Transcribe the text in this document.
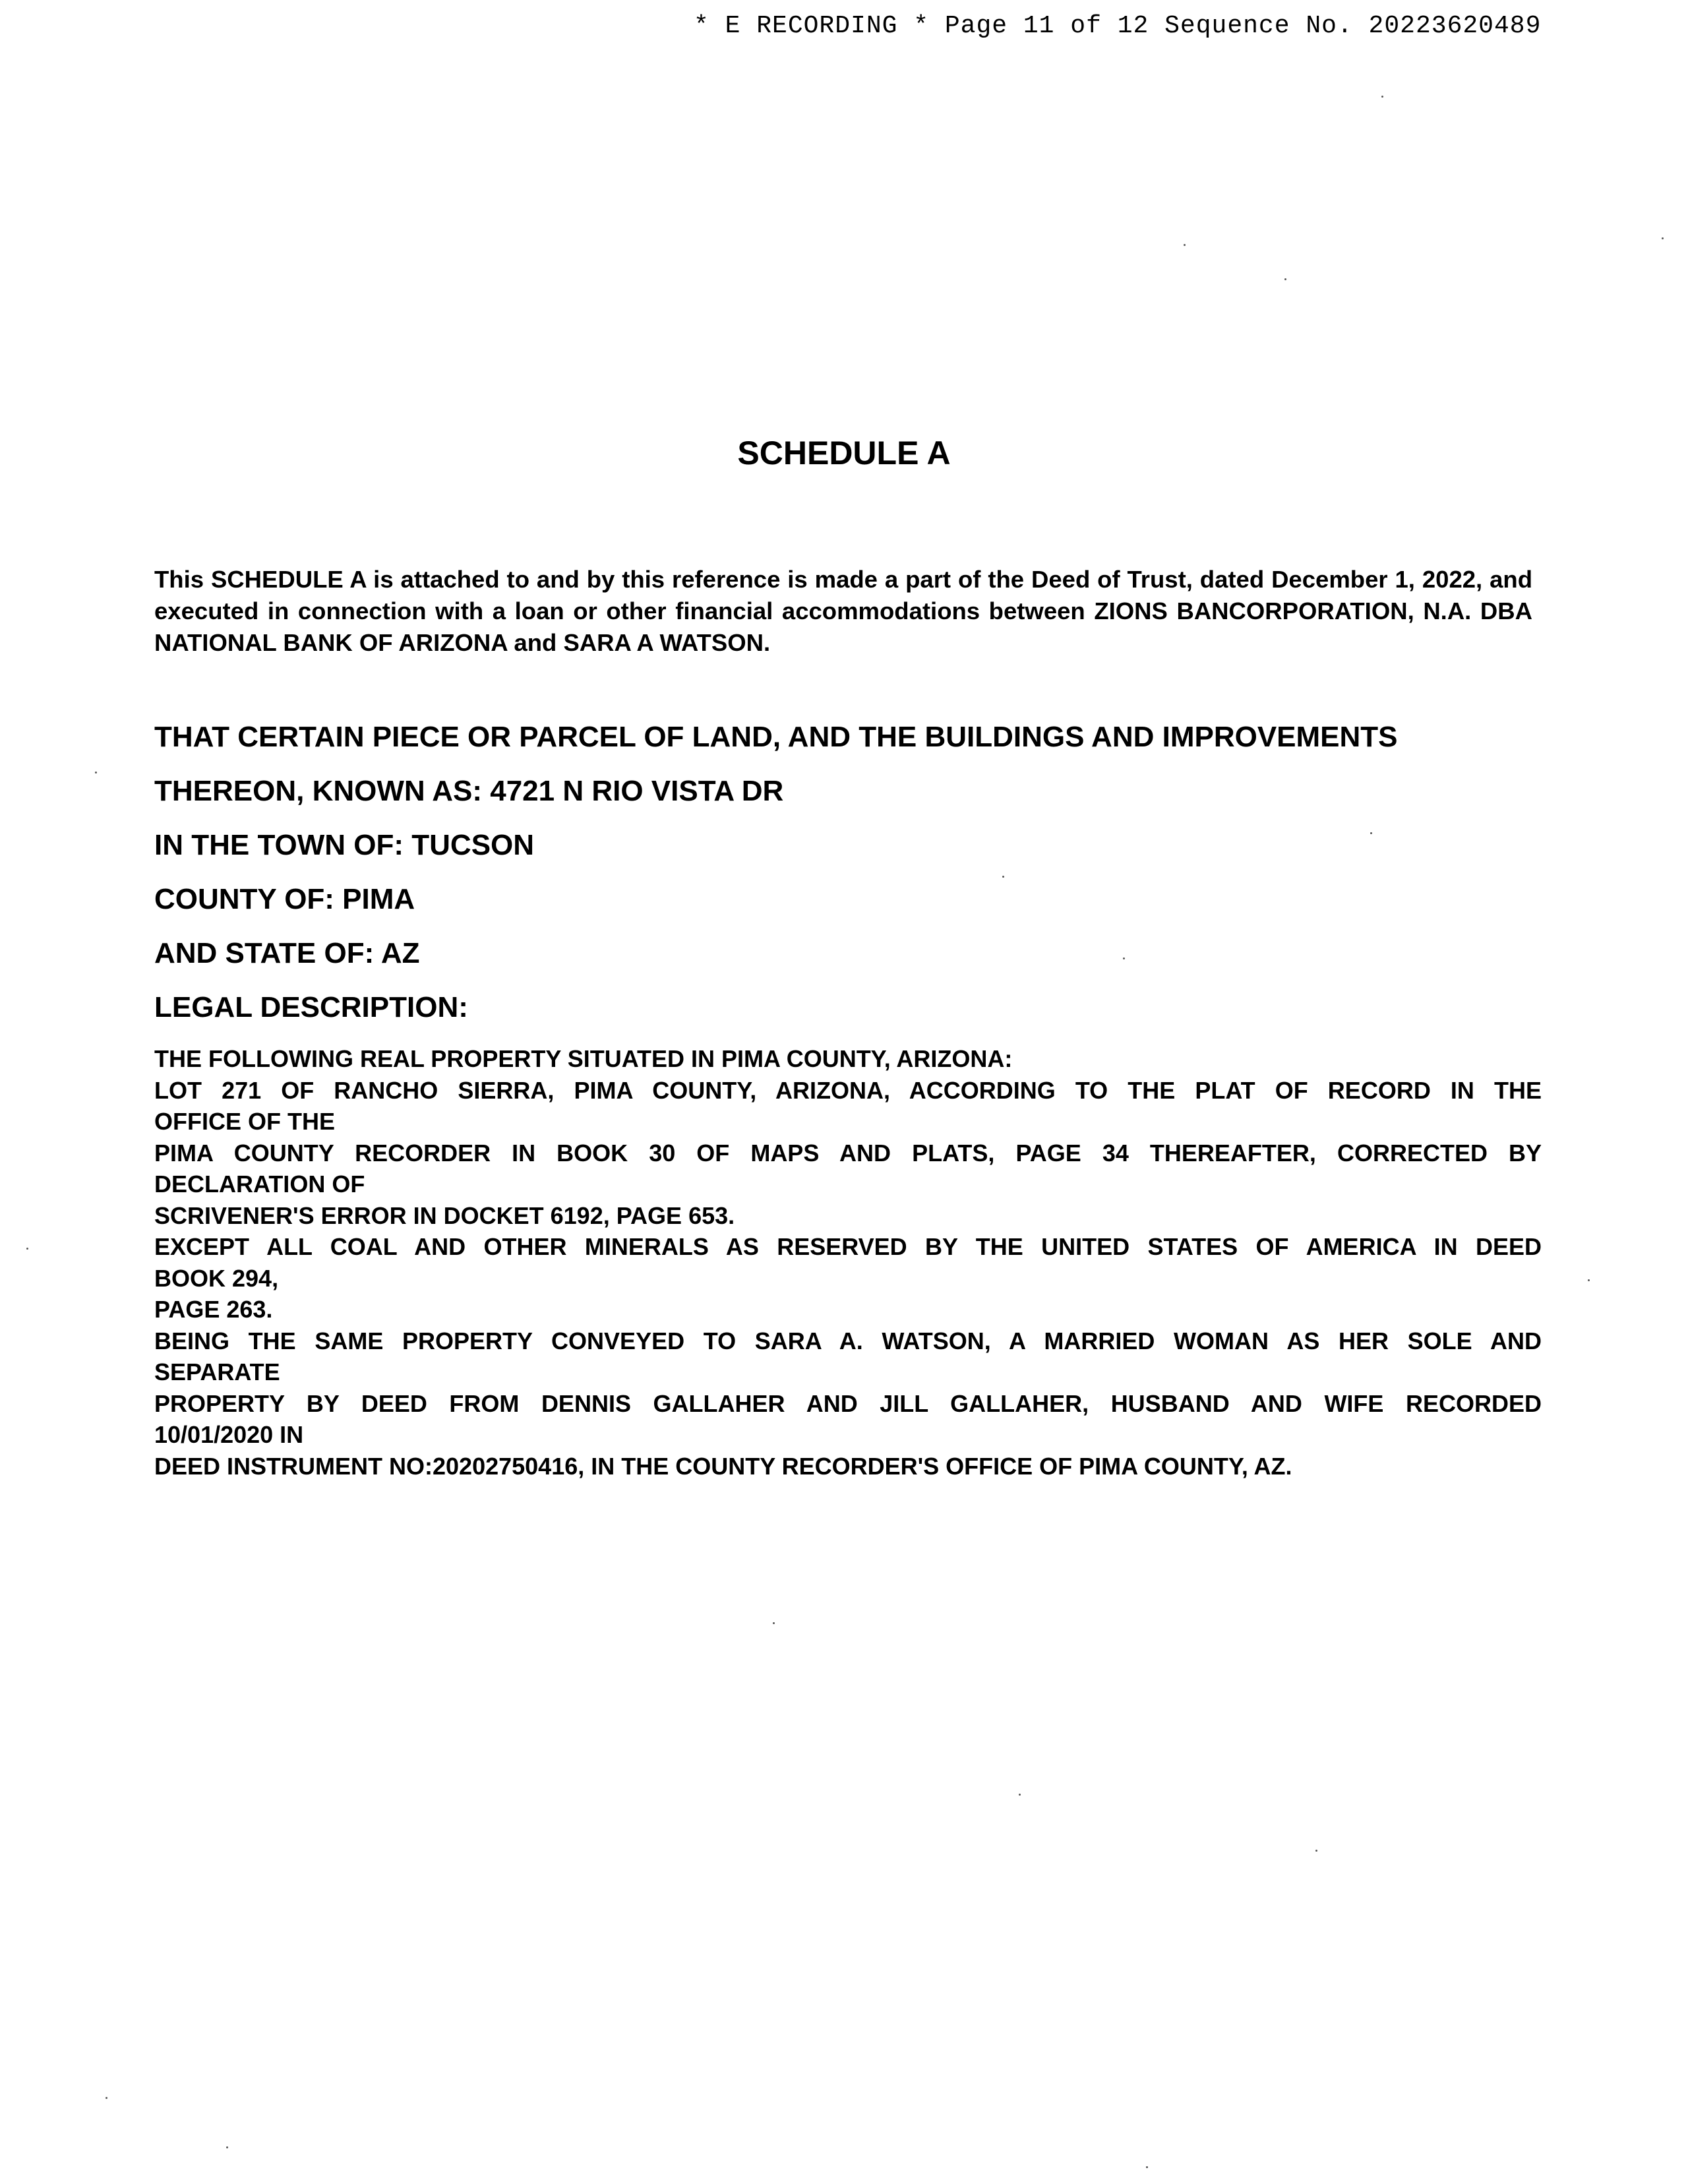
* E RECORDING * Page 11 of 12 Sequence No. 20223620489
SCHEDULE A
This SCHEDULE A is attached to and by this reference is made a part of the Deed of Trust, dated December 1, 2022, and executed in connection with a loan or other financial accommodations between ZIONS BANCORPORATION, N.A. DBA NATIONAL BANK OF ARIZONA and SARA A WATSON.
THAT CERTAIN PIECE OR PARCEL OF LAND, AND THE BUILDINGS AND IMPROVEMENTS
THEREON, KNOWN AS: 4721 N RIO VISTA DR
IN THE TOWN OF: TUCSON
COUNTY OF: PIMA
AND STATE OF: AZ
LEGAL DESCRIPTION:
THE FOLLOWING REAL PROPERTY SITUATED IN PIMA COUNTY, ARIZONA:
LOT 271 OF RANCHO SIERRA, PIMA COUNTY, ARIZONA, ACCORDING TO THE PLAT OF RECORD IN THE
OFFICE OF THE
PIMA COUNTY RECORDER IN BOOK 30 OF MAPS AND PLATS, PAGE 34 THEREAFTER, CORRECTED BY
DECLARATION OF
SCRIVENER'S ERROR IN DOCKET 6192, PAGE 653.
EXCEPT ALL COAL AND OTHER MINERALS AS RESERVED BY THE UNITED STATES OF AMERICA IN DEED
BOOK 294,
PAGE 263.
BEING THE SAME PROPERTY CONVEYED TO SARA A. WATSON, A MARRIED WOMAN AS HER SOLE AND
SEPARATE
PROPERTY BY DEED FROM DENNIS GALLAHER AND JILL GALLAHER, HUSBAND AND WIFE RECORDED
10/01/2020 IN
DEED INSTRUMENT NO:20202750416, IN THE COUNTY RECORDER'S OFFICE OF PIMA COUNTY, AZ.
